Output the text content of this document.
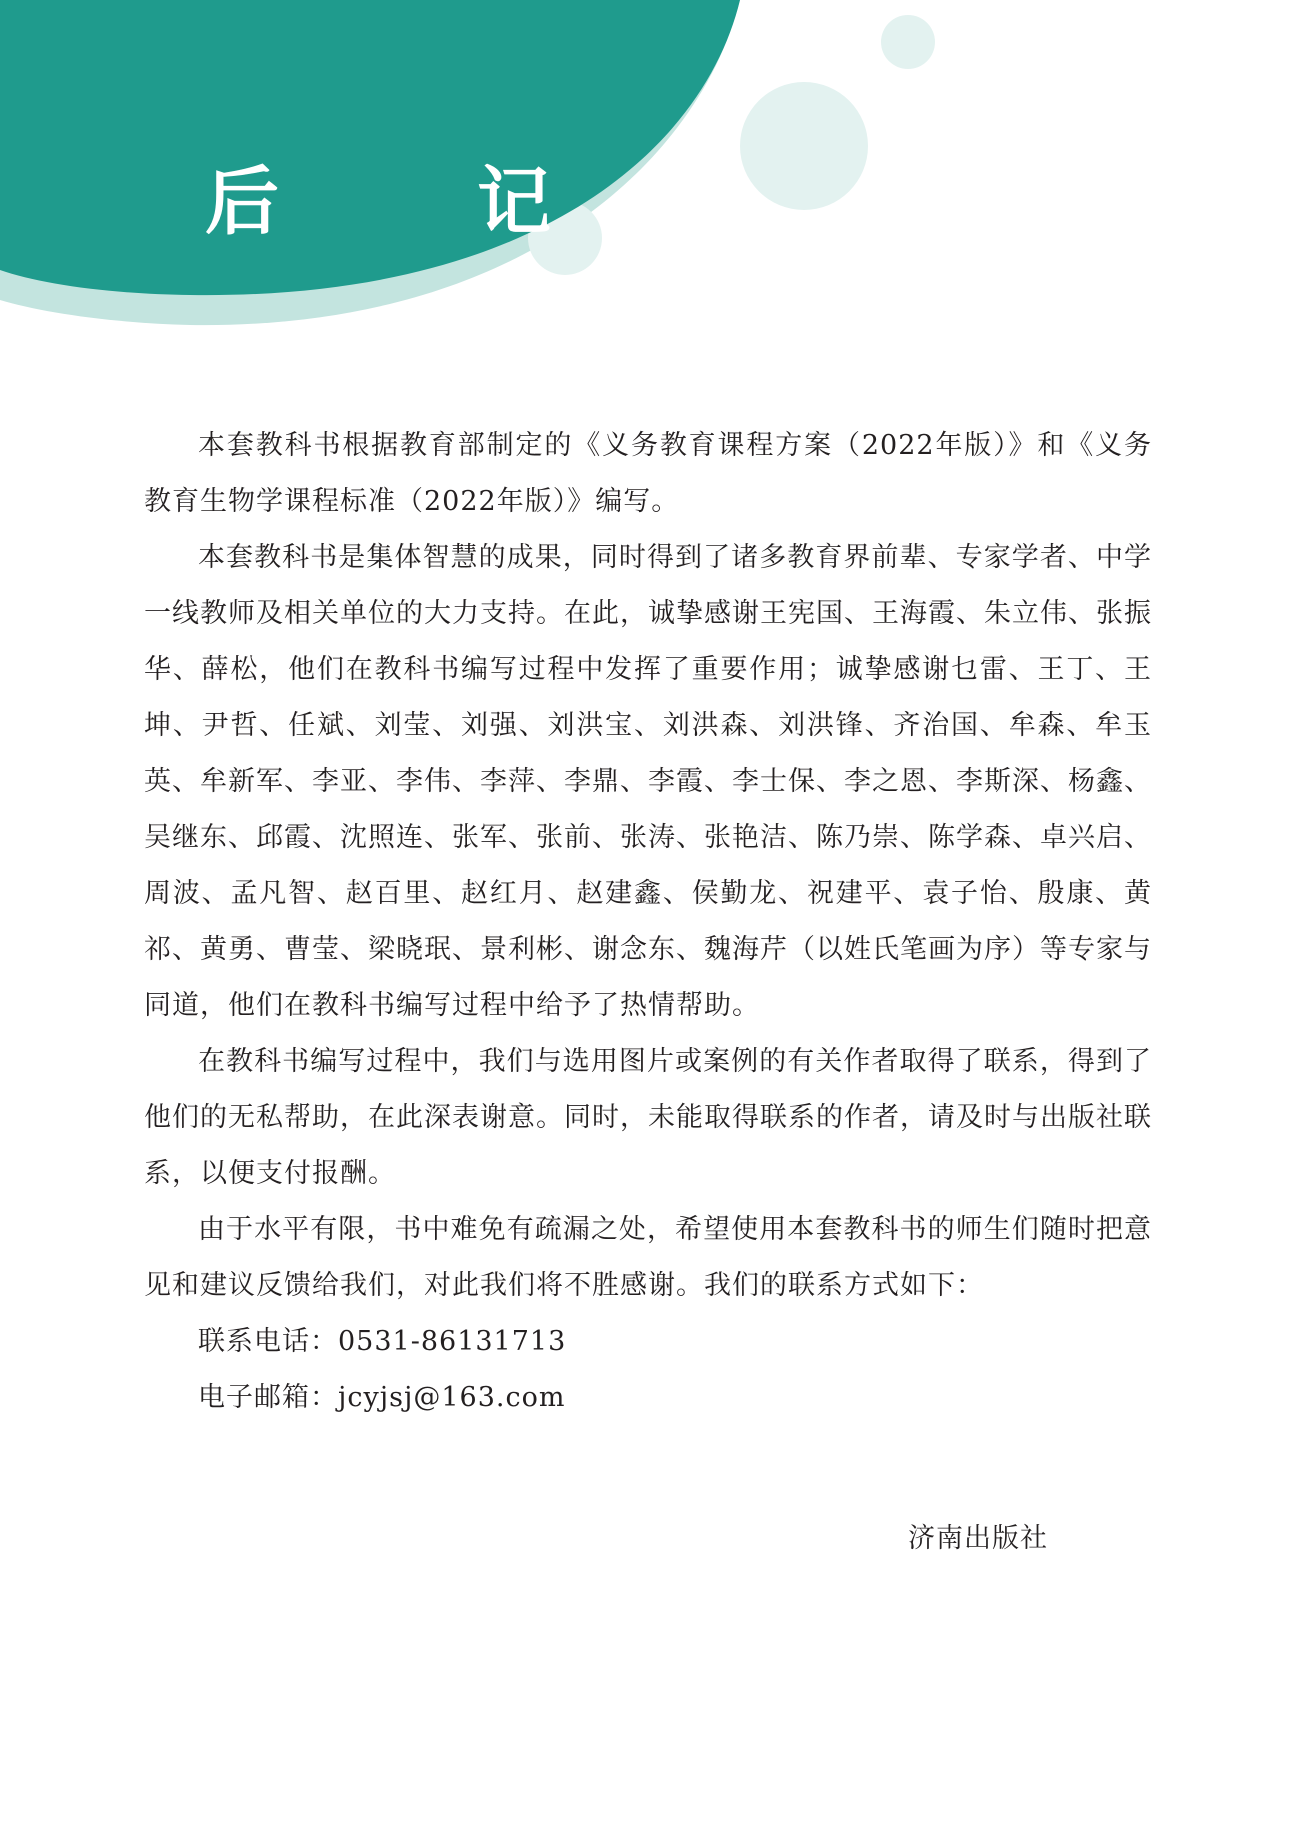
后　记

本套教科书根据教育部制定的《义务教育课程方案（2022年版）》和《义务教育生物学课程标准（2022年版）》编写。

本套教科书是集体智慧的成果，同时得到了诸多教育界前辈、专家学者、中学一线教师及相关单位的大力支持。在此，诚挚感谢王宪国、王海霞、朱立伟、张振华、薛松，他们在教科书编写过程中发挥了重要作用；诚挚感谢乜雷、王丁、王坤、尹哲、任斌、刘莹、刘强、刘洪宝、刘洪森、刘洪锋、齐治国、牟森、牟玉英、牟新军、李亚、李伟、李萍、李鼎、李霞、李士保、李之恩、李斯深、杨鑫、吴继东、邱霞、沈照连、张军、张前、张涛、张艳洁、陈乃崇、陈学森、卓兴启、周波、孟凡智、赵百里、赵红月、赵建鑫、侯勤龙、祝建平、袁子怡、殷康、黄祁、黄勇、曹莹、梁晓珉、景利彬、谢念东、魏海芹（以姓氏笔画为序）等专家与同道，他们在教科书编写过程中给予了热情帮助。

在教科书编写过程中，我们与选用图片或案例的有关作者取得了联系，得到了他们的无私帮助，在此深表谢意。同时，未能取得联系的作者，请及时与出版社联系，以便支付报酬。

由于水平有限，书中难免有疏漏之处，希望使用本套教科书的师生们随时把意见和建议反馈给我们，对此我们将不胜感谢。我们的联系方式如下：

联系电话：0531-86131713
电子邮箱：jcyjsj@163.com
济南出版社
